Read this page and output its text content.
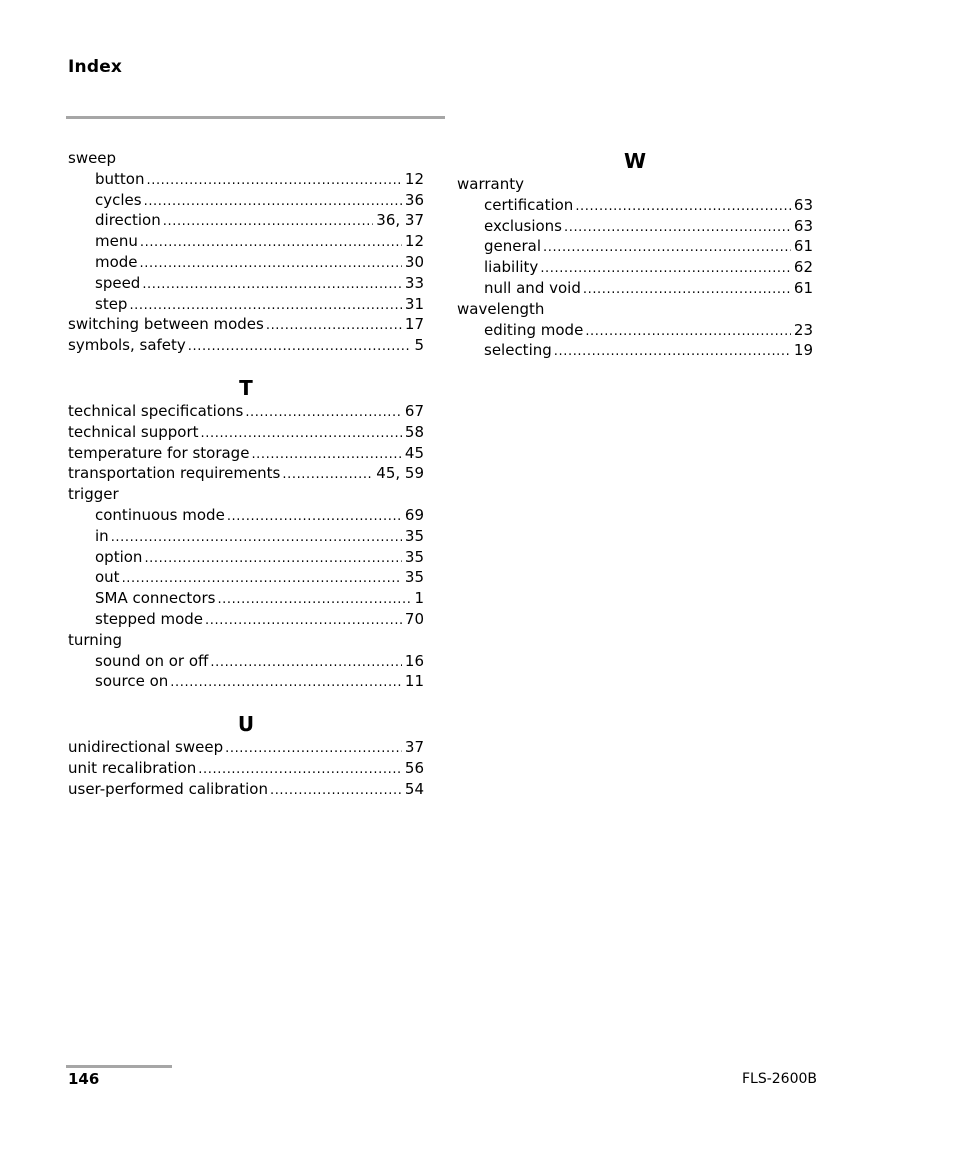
Index
sweep
button .....	12
cycles .....	36
direction .....	36, 37
menu .....	12
mode .....	30
speed .....	33
step .....	31
switching between modes .....	17
symbols, safety .....	5
T
technical specifications .....	67
technical support .....	58
temperature for storage .....	45
transportation requirements .....	45, 59
trigger
continuous mode .....	69
in .....	35
option .....	35
out .....	35
SMA connectors .....	1
stepped mode .....	70
turning
sound on or off .....	16
source on .....	11
U
unidirectional sweep .....	37
unit recalibration .....	56
user-performed calibration .....	54
W
warranty
certification .....	63
exclusions .....	63
general .....	61
liability .....	62
null and void .....	61
wavelength
editing mode .....	23
selecting .....	19
146	FLS-2600B
